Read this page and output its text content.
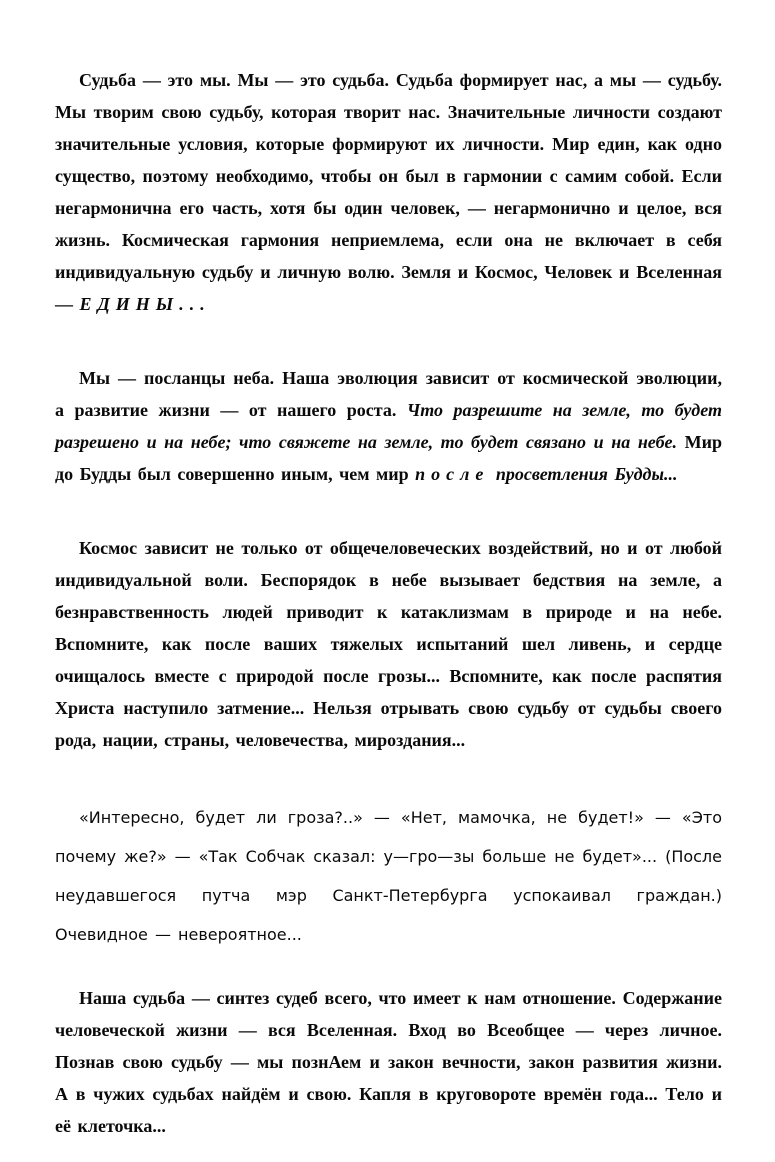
Судьба — это мы. Мы — это судьба. Судьба формирует нас, а мы — судьбу. Мы творим свою судьбу, которая творит нас. Значительные личности создают значительные условия, которые формируют их личности. Мир един, как одно существо, поэтому необходимо, чтобы он был в гармонии с самим собой. Если негармонична его часть, хотя бы один человек, — негармонично и целое, вся жизнь. Космическая гармония неприемлема, если она не включает в себя индивидуальную судьбу и личную волю. Земля и Космос, Человек и Вселенная — ЕДИНЫ...

Мы — посланцы неба. Наша эволюция зависит от космической эволюции, а развитие жизни — от нашего роста. Что разрешите на земле, то будет разрешено и на небе; что свяжете на земле, то будет связано и на небе. Мир до Будды был совершенно иным, чем мир после просветления Будды...

Космос зависит не только от общечеловеческих воздействий, но и от любой индивидуальной воли. Беспорядок в небе вызывает бедствия на земле, а безнравственность людей приводит к катаклизмам в природе и на небе. Вспомните, как после ваших тяжелых испытаний шел ливень, и сердце очищалось вместе с природой после грозы... Вспомните, как после распятия Христа наступило затмение... Нельзя отрывать свою судьбу от судьбы своего рода, нации, страны, человечества, мироздания...

«Интересно, будет ли гроза?..» — «Нет, мамочка, не будет!» — «Это почему же?» — «Так Собчак сказал: у—гро—зы больше не будет»... (После неудавшегося путча мэр Санкт-Петербурга успокаивал граждан.) Очевидное — невероятное...

Наша судьба — синтез судеб всего, что имеет к нам отношение. Содержание человеческой жизни — вся Вселенная. Вход во Всеобщее — через личное. Познав свою судьбу — мы познАем и закон вечности, закон развития жизни. А в чужих судьбах найдём и свою. Капля в круговороте времён года... Тело и её клеточка...
